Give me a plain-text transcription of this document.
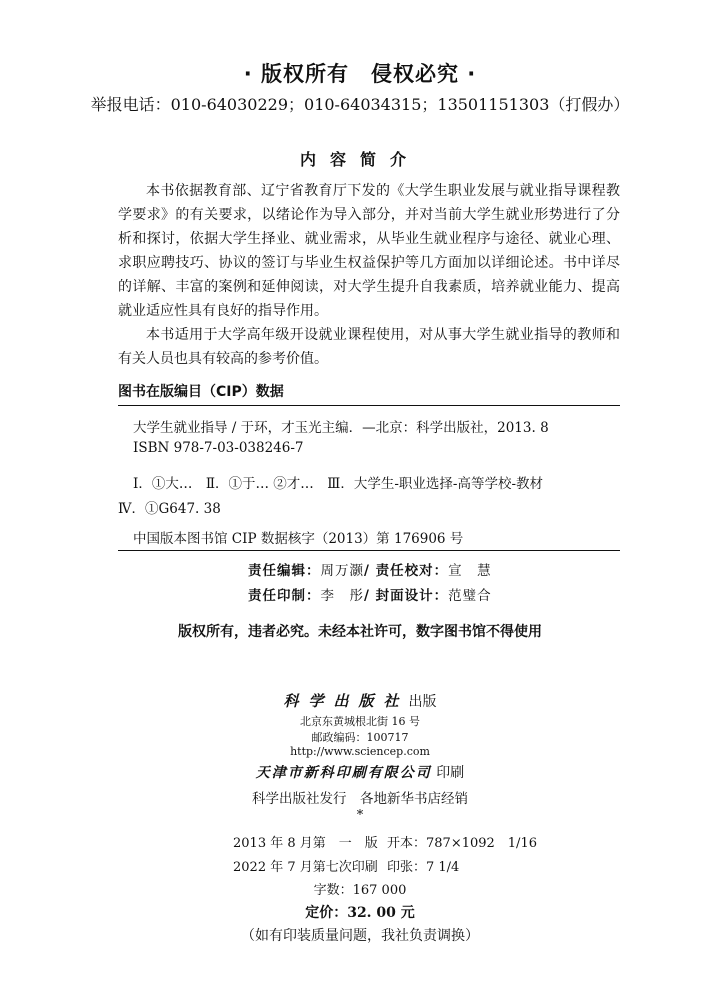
· 版权所有　侵权必究 ·
举报电话：010-64030229；010-64034315；13501151303（打假办）
内容简介

本书依据教育部、辽宁省教育厅下发的《大学生职业发展与就业指导课程教学要求》的有关要求，以绪论作为导入部分，并对当前大学生就业形势进行了分析和探讨，依据大学生择业、就业需求，从毕业生就业程序与途径、就业心理、求职应聘技巧、协议的签订与毕业生权益保护等几方面加以详细论述。书中详尽的详解、丰富的案例和延伸阅读，对大学生提升自我素质，培养就业能力、提高就业适应性具有良好的指导作用。

本书适用于大学高年级开设就业课程使用，对从事大学生就业指导的教师和有关人员也具有较高的参考价值。

图书在版编目（CIP）数据
大学生就业指导 / 于环，才玉光主编．—北京：科学出版社，2013. 8
ISBN 978-7-03-038246-7
Ⅰ．①大…　Ⅱ．①于… ②才…　Ⅲ．大学生-职业选择-高等学校-教材
Ⅳ．①G647. 38
中国版本图书馆 CIP 数据核字（2013）第 176906 号
责任编辑：周万灏/ 责任校对：宣　慧
责任印制：李　彤/ 封面设计：范璧合
版权所有，违者必究。未经本社许可，数字图书馆不得使用
科学出版社出版
北京东黄城根北街 16 号
邮政编码：100717
http://www.sciencep.com
天津市新科印刷有限公司 印刷
科学出版社发行　各地新华书店经销
*
2013 年 8 月第　一　版 开本：787×1092　1/16
2022 年 7 月第七次印刷 印张：7 1/4
字数：167 000
定价：32. 00 元
（如有印装质量问题，我社负责调换）
